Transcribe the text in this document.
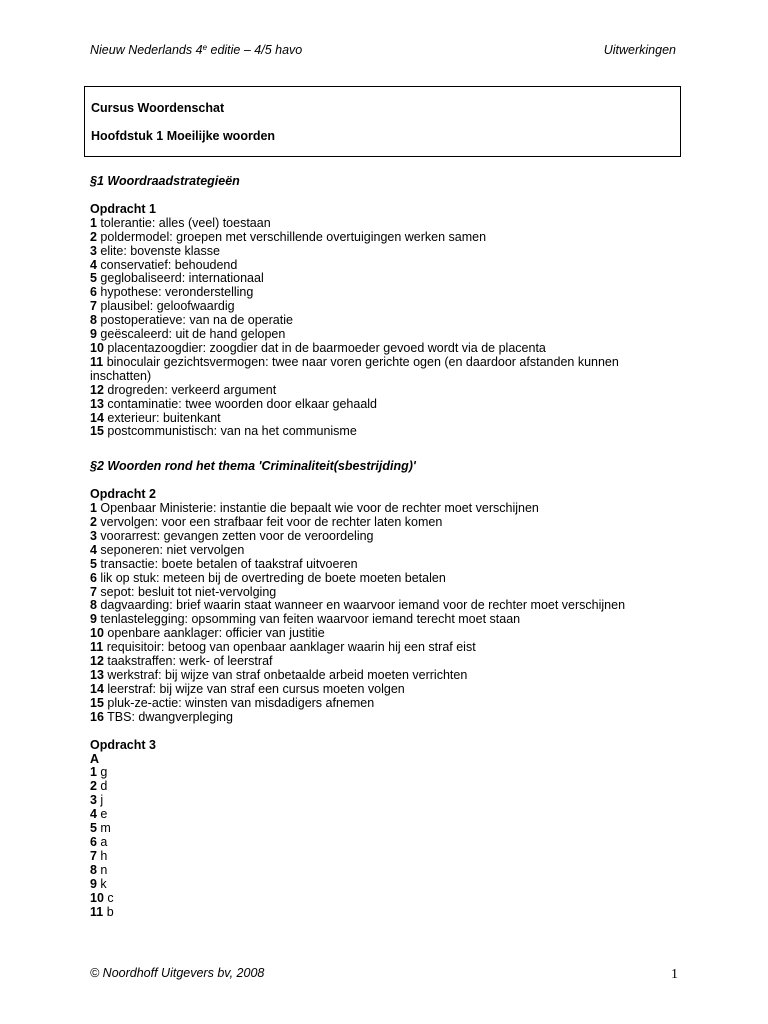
Nieuw Nederlands 4e editie – 4/5 havo	Uitwerkingen
Cursus Woordenschat
Hoofdstuk 1 Moeilijke woorden
§1 Woordraadstrategieën
Opdracht 1
1 tolerantie: alles (veel) toestaan
2 poldermodel: groepen met verschillende overtuigingen werken samen
3 elite: bovenste klasse
4 conservatief: behoudend
5 geglobaliseerd: internationaal
6 hypothese: veronderstelling
7 plausibel: geloofwaardig
8 postoperatieve: van na de operatie
9 geëscaleerd: uit de hand gelopen
10 placentazoogdier: zoogdier dat in de baarmoeder gevoed wordt via de placenta
11 binoculair gezichtsvermogen: twee naar voren gerichte ogen (en daardoor afstanden kunnen inschatten)
12 drogreden: verkeerd argument
13 contaminatie: twee woorden door elkaar gehaald
14 exterieur: buitenkant
15 postcommunistisch: van na het communisme
§2 Woorden rond het thema 'Criminaliteit(sbestrijding)'
Opdracht 2
1 Openbaar Ministerie: instantie die bepaalt wie voor de rechter moet verschijnen
2 vervolgen: voor een strafbaar feit voor de rechter laten komen
3 voorarrest: gevangen zetten voor de veroordeling
4 seponeren: niet vervolgen
5 transactie: boete betalen of taakstraf uitvoeren
6 lik op stuk: meteen bij de overtreding de boete moeten betalen
7 sepot: besluit tot niet-vervolging
8 dagvaarding: brief waarin staat wanneer en waarvoor iemand voor de rechter moet verschijnen
9 tenlastelegging: opsomming van feiten waarvoor iemand terecht moet staan
10 openbare aanklager: officier van justitie
11 requisitoir: betoog van openbaar aanklager waarin hij een straf eist
12 taakstraffen: werk- of leerstraf
13 werkstraf: bij wijze van straf onbetaalde arbeid moeten verrichten
14 leerstraf: bij wijze van straf een cursus moeten volgen
15 pluk-ze-actie: winsten van misdadigers afnemen
16 TBS: dwangverpleging
Opdracht 3
A
1 g
2 d
3 j
4 e
5 m
6 a
7 h
8 n
9 k
10 c
11 b
© Noordhoff Uitgevers bv, 2008	1
